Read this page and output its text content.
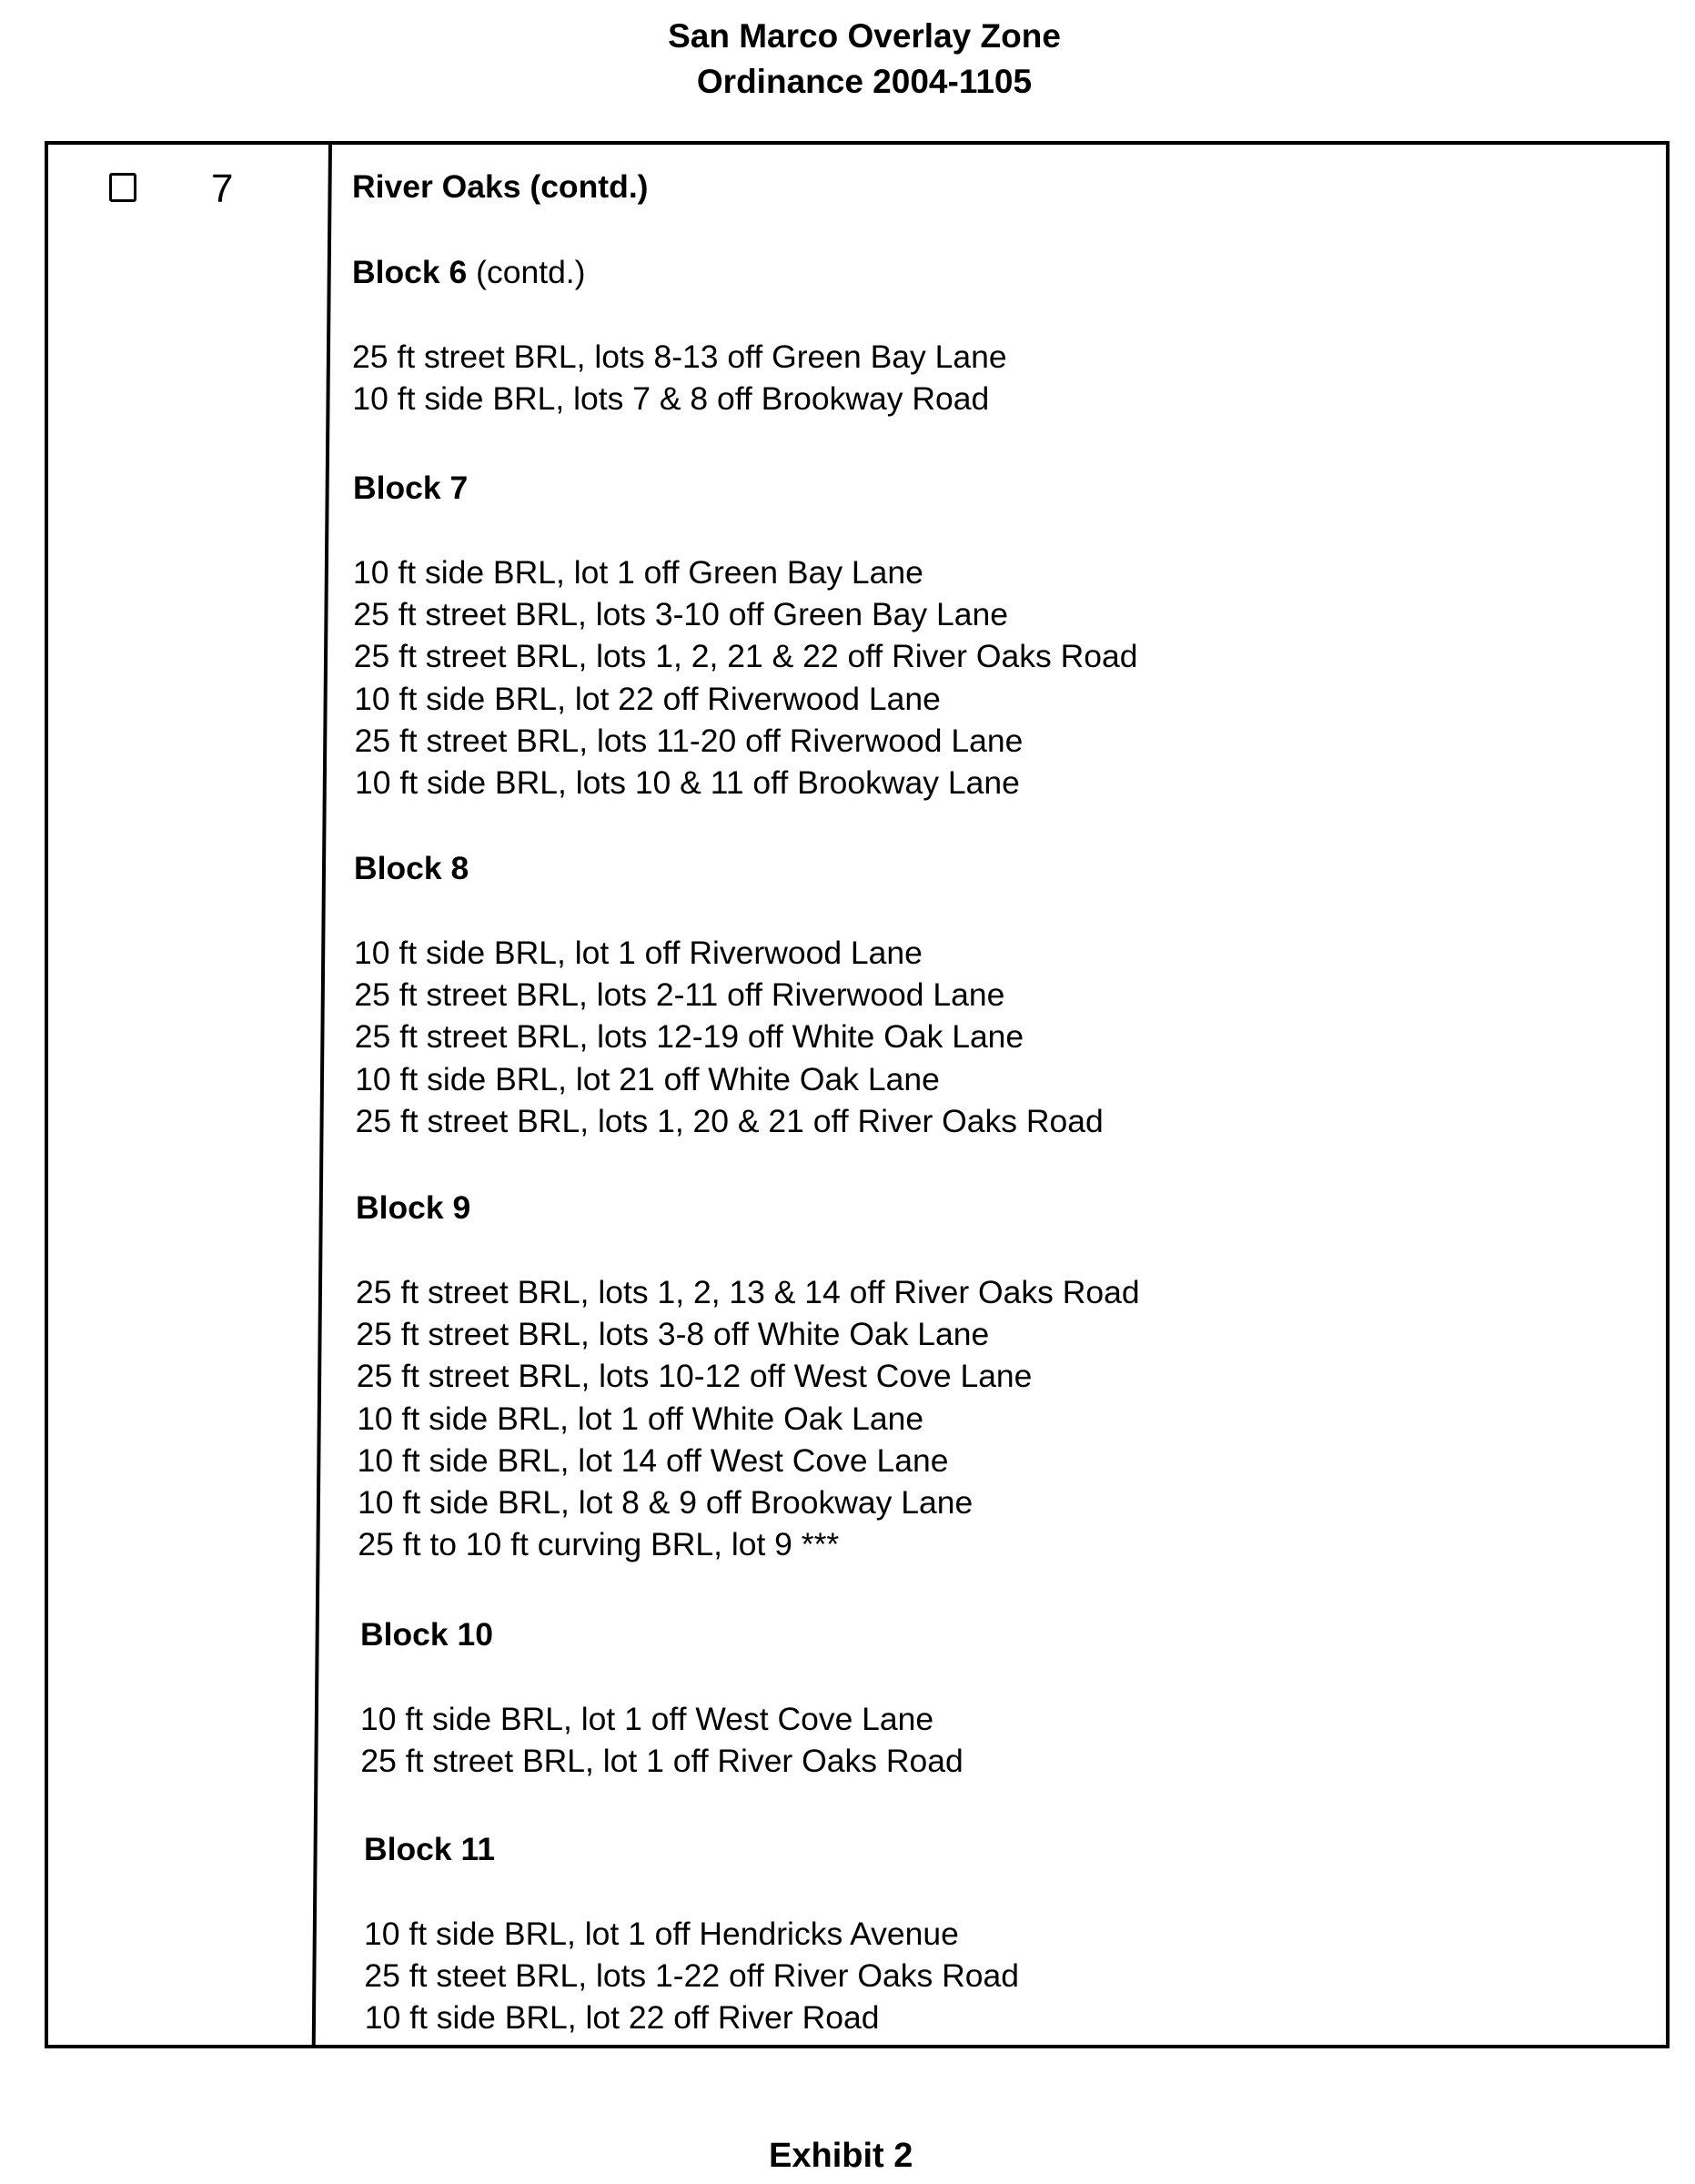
San Marco Overlay Zone
Ordinance 2004-1105
7	River Oaks (contd.)
Block 6 (contd.)
25 ft street BRL, lots 8-13 off Green Bay Lane
10 ft side BRL, lots 7 & 8 off Brookway Road
Block 7
10 ft side BRL, lot 1 off Green Bay Lane
25 ft street BRL, lots 3-10 off Green Bay Lane
25 ft street BRL, lots 1, 2, 21 & 22 off River Oaks Road
10 ft side BRL, lot 22 off Riverwood Lane
25 ft street BRL, lots 11-20 off Riverwood Lane
10 ft side BRL, lots 10 & 11 off Brookway Lane
Block 8
10 ft side BRL, lot 1 off Riverwood Lane
25 ft street BRL, lots 2-11 off Riverwood Lane
25 ft street BRL, lots 12-19 off White Oak Lane
10 ft side BRL, lot 21 off White Oak Lane
25 ft street BRL, lots 1, 20 & 21 off River Oaks Road
Block 9
25 ft street BRL, lots 1, 2, 13 & 14 off River Oaks Road
25 ft street BRL, lots 3-8 off White Oak Lane
25 ft street BRL, lots 10-12 off West Cove Lane
10 ft side BRL, lot 1 off White Oak Lane
10 ft side BRL, lot 14 off West Cove Lane
10 ft side BRL, lot 8 & 9 off Brookway Lane
25 ft to 10 ft curving BRL, lot 9 ***
Block 10
10 ft side BRL, lot 1 off West Cove Lane
25 ft street BRL, lot 1 off River Oaks Road
Block 11
10 ft side BRL, lot 1 off Hendricks Avenue
25 ft steet BRL, lots 1-22 off River Oaks Road
10 ft side BRL, lot 22 off River Road
Exhibit 2
